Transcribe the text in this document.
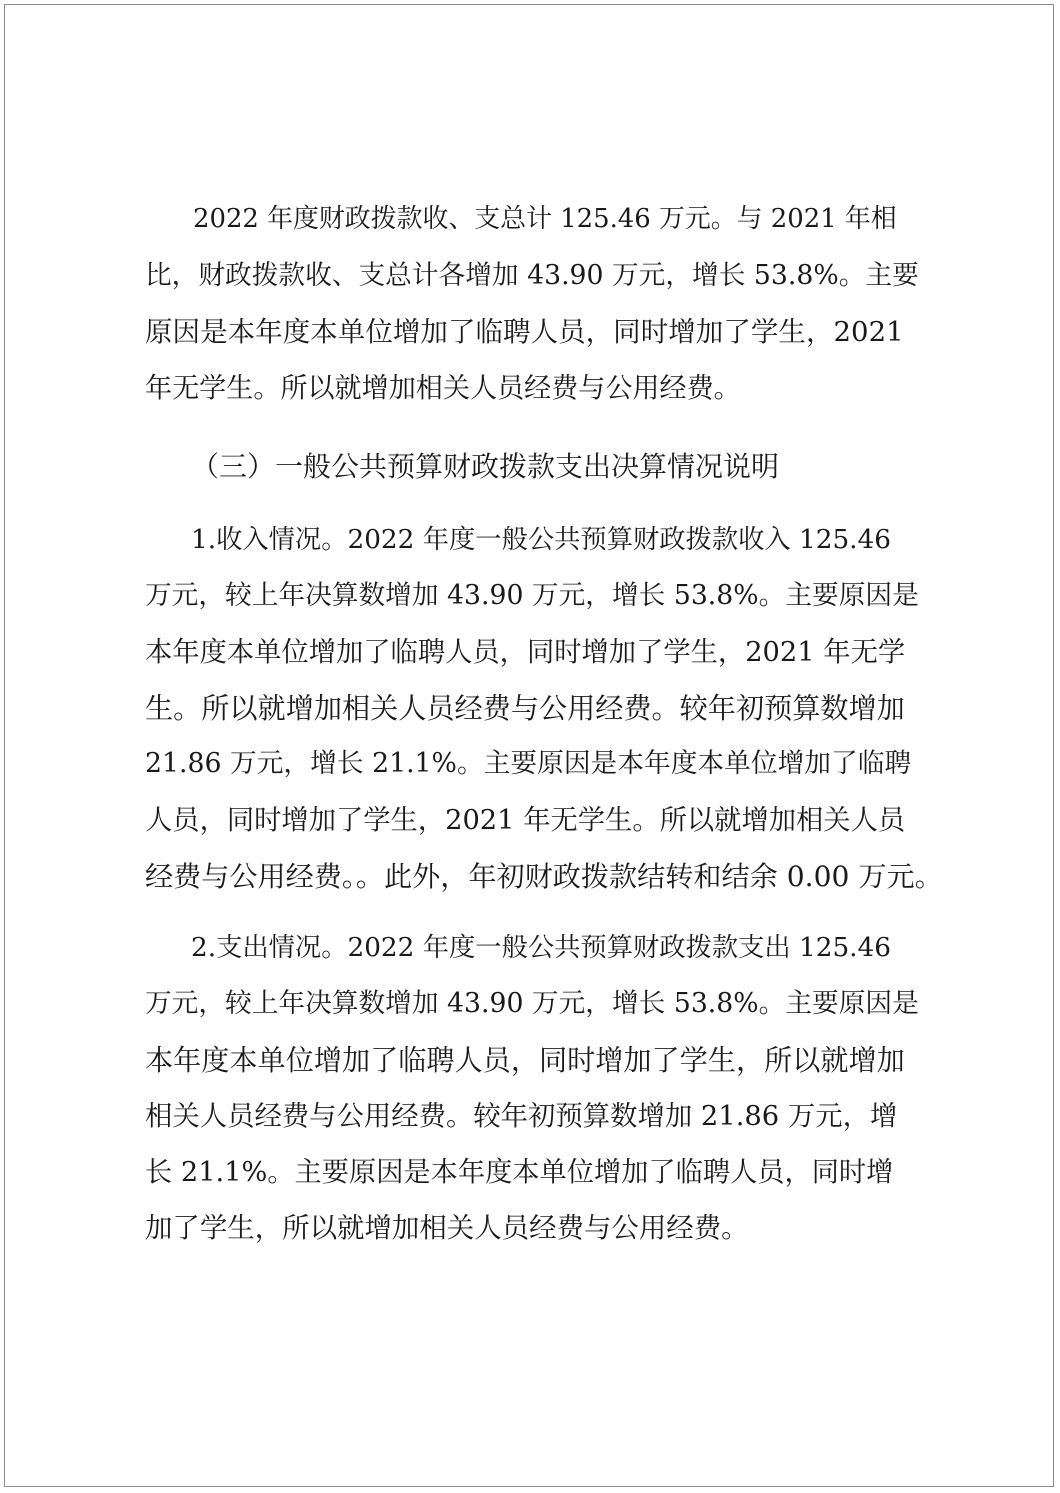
2022 年度财政拨款收、支总计 125.46 万元。与 2021 年相
比，财政拨款收、支总计各增加 43.90 万元，增长 53.8%。主要
原因是本年度本单位增加了临聘人员，同时增加了学生，2021
年无学生。所以就增加相关人员经费与公用经费。
（三）一般公共预算财政拨款支出决算情况说明
1.收入情况。2022 年度一般公共预算财政拨款收入 125.46
万元，较上年决算数增加 43.90 万元，增长 53.8%。主要原因是
本年度本单位增加了临聘人员，同时增加了学生，2021 年无学
生。所以就增加相关人员经费与公用经费。较年初预算数增加
21.86 万元，增长 21.1%。主要原因是本年度本单位增加了临聘
人员，同时增加了学生，2021 年无学生。所以就增加相关人员
经费与公用经费。。此外，年初财政拨款结转和结余 0.00 万元。
2.支出情况。2022 年度一般公共预算财政拨款支出 125.46
万元，较上年决算数增加 43.90 万元，增长 53.8%。主要原因是
本年度本单位增加了临聘人员，同时增加了学生，所以就增加
相关人员经费与公用经费。较年初预算数增加 21.86 万元，增
长 21.1%。主要原因是本年度本单位增加了临聘人员，同时增
加了学生，所以就增加相关人员经费与公用经费。
